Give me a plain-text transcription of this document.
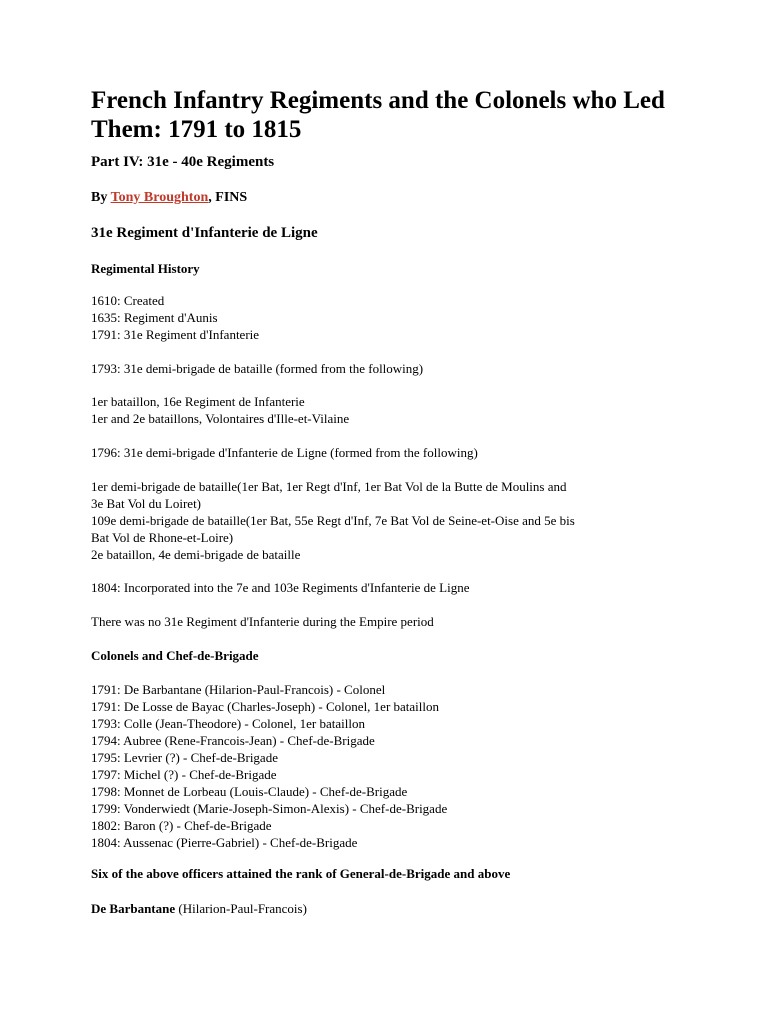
French Infantry Regiments and the Colonels who Led Them: 1791 to 1815
Part IV: 31e - 40e Regiments
By Tony Broughton, FINS
31e Regiment d'Infanterie de Ligne
Regimental History
1610: Created
1635: Regiment d'Aunis
1791: 31e Regiment d'Infanterie
1793: 31e demi-brigade de bataille (formed from the following)
1er bataillon, 16e Regiment de Infanterie
1er and 2e bataillons, Volontaires d'Ille-et-Vilaine
1796: 31e demi-brigade d'Infanterie de Ligne (formed from the following)
1er demi-brigade de bataille(1er Bat, 1er Regt d'Inf, 1er Bat Vol de la Butte de Moulins and
3e Bat Vol du Loiret)
109e demi-brigade de bataille(1er Bat, 55e Regt d'Inf, 7e Bat Vol de Seine-et-Oise and 5e bis
Bat Vol de Rhone-et-Loire)
2e bataillon, 4e demi-brigade de bataille
1804: Incorporated into the 7e and 103e Regiments d'Infanterie de Ligne
There was no 31e Regiment d'Infanterie during the Empire period
Colonels and Chef-de-Brigade
1791: De Barbantane (Hilarion-Paul-Francois) - Colonel
1791: De Losse de Bayac (Charles-Joseph) - Colonel, 1er bataillon
1793: Colle (Jean-Theodore) - Colonel, 1er bataillon
1794: Aubree (Rene-Francois-Jean) - Chef-de-Brigade
1795: Levrier (?) - Chef-de-Brigade
1797: Michel (?) - Chef-de-Brigade
1798: Monnet de Lorbeau (Louis-Claude) - Chef-de-Brigade
1799: Vonderwiedt (Marie-Joseph-Simon-Alexis) - Chef-de-Brigade
1802: Baron (?) - Chef-de-Brigade
1804: Aussenac (Pierre-Gabriel) - Chef-de-Brigade
Six of the above officers attained the rank of General-de-Brigade and above
De Barbantane (Hilarion-Paul-Francois)
